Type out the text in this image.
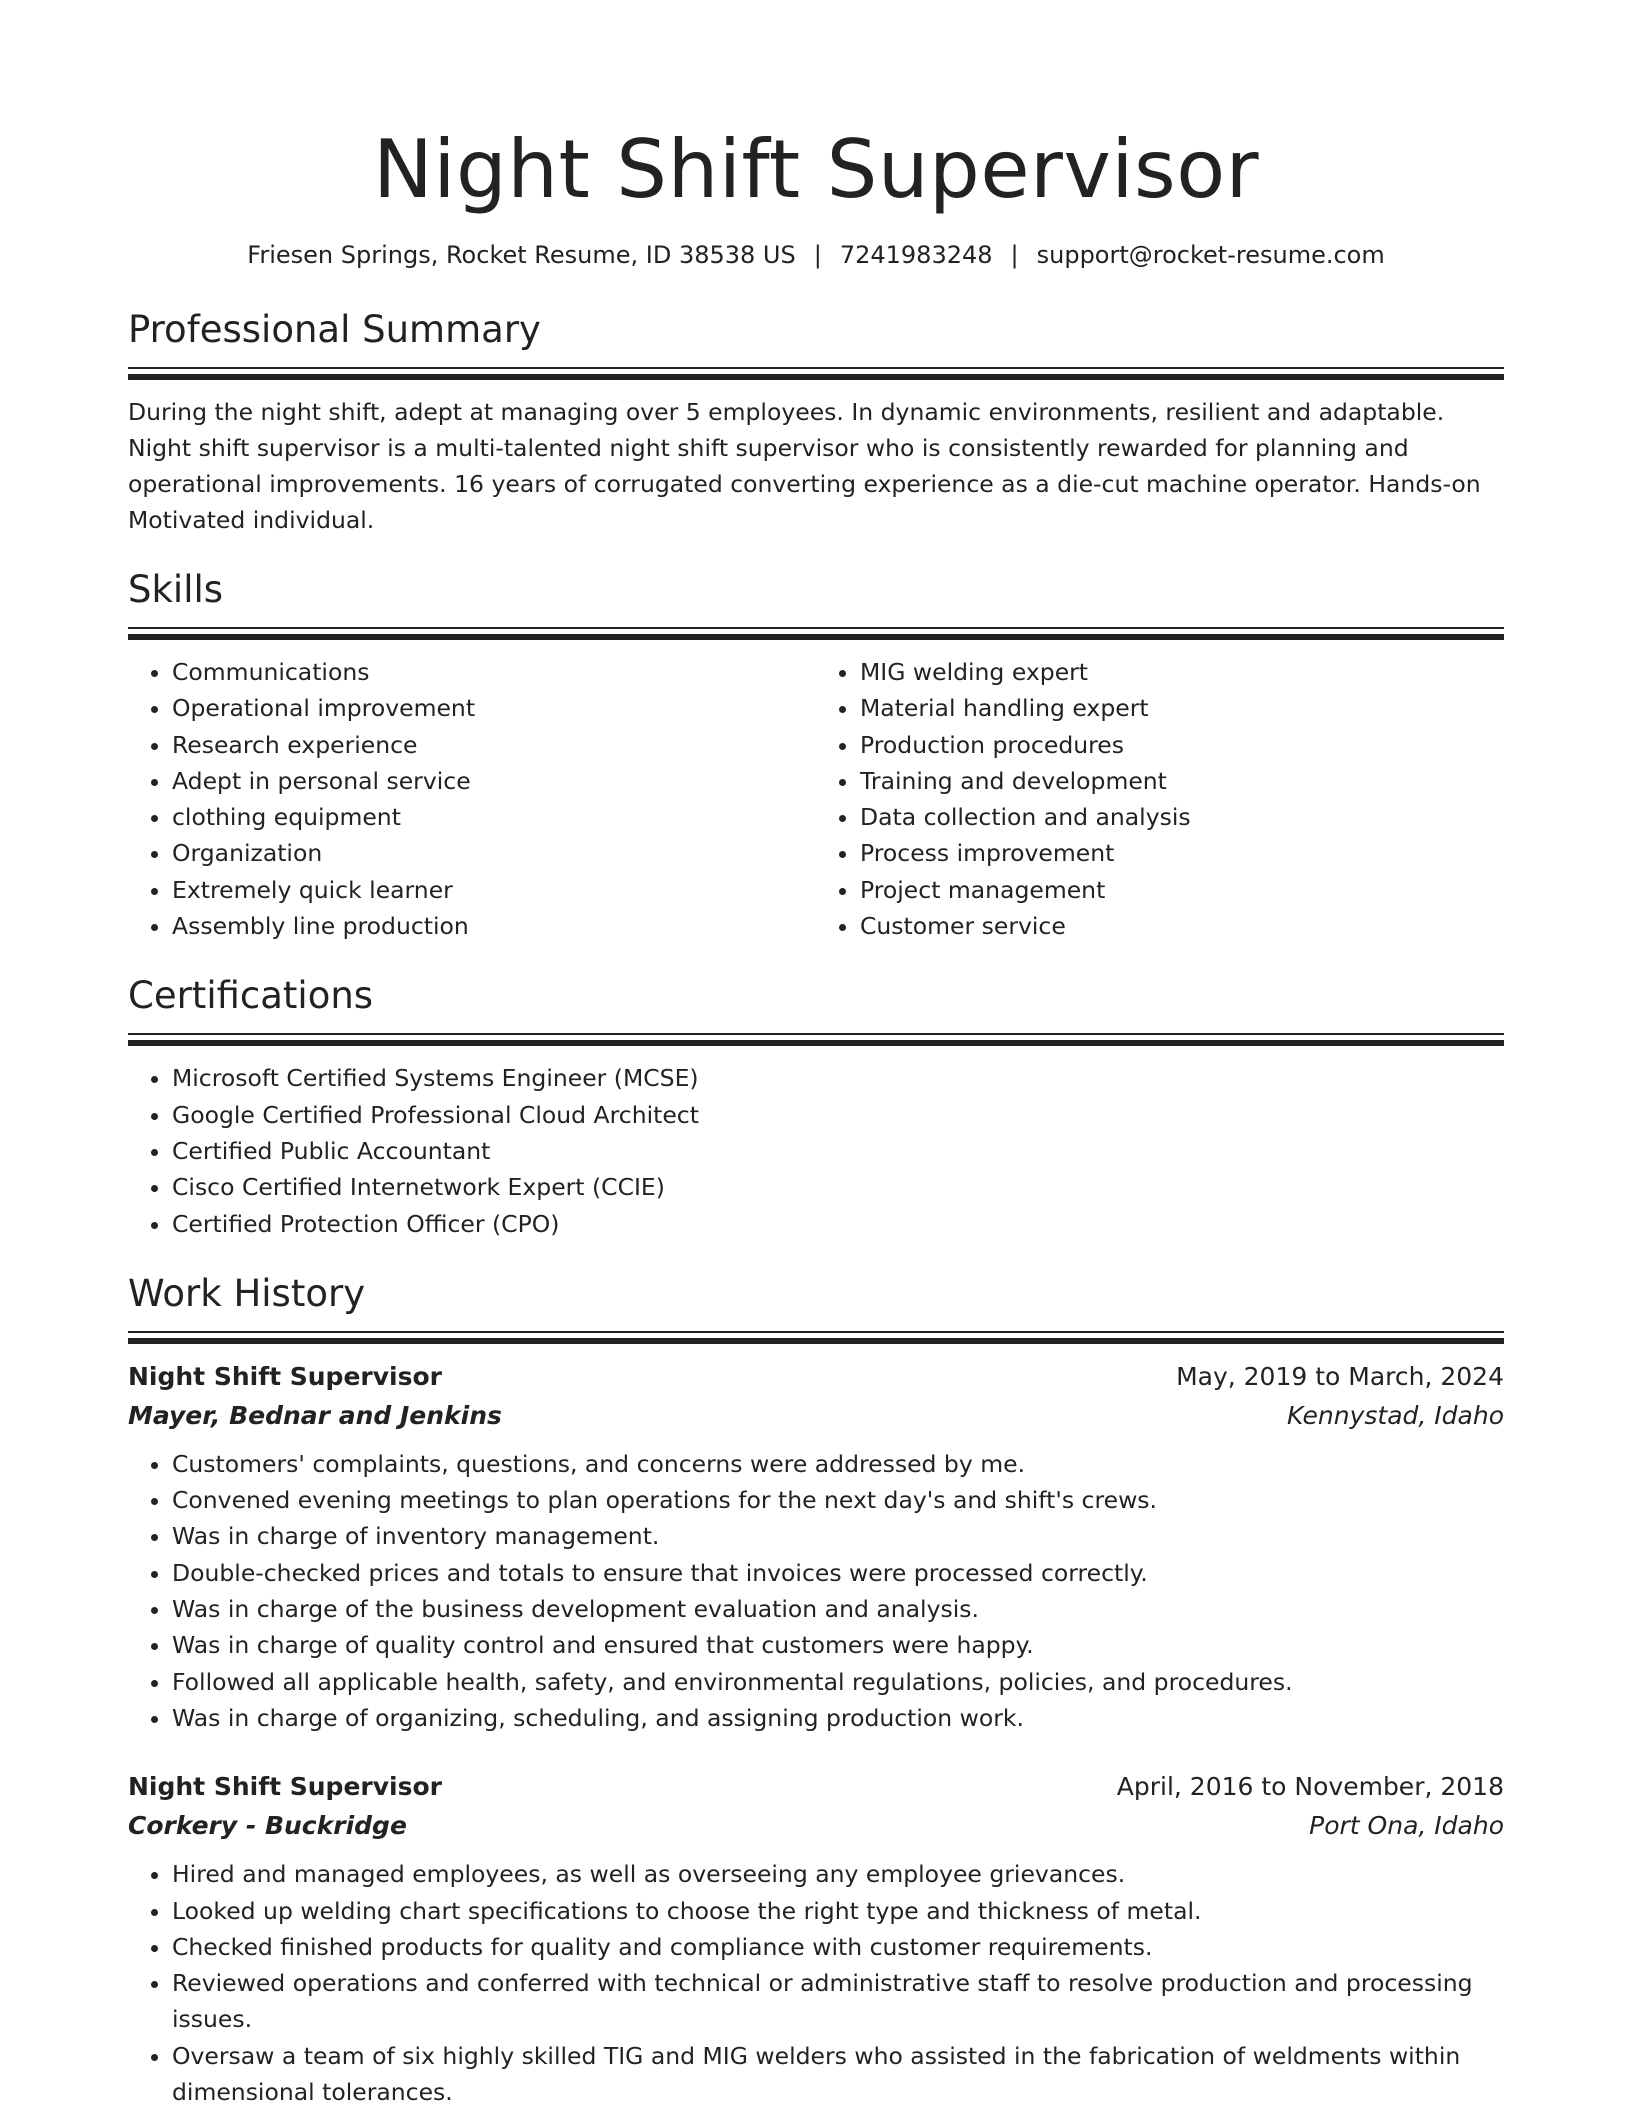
Night Shift Supervisor
Friesen Springs, Rocket Resume, ID 38538 US | 7241983248 | support@rocket-resume.com
Professional Summary

During the night shift, adept at managing over 5 employees. In dynamic environments, resilient and adaptable. Night shift supervisor is a multi-talented night shift supervisor who is consistently rewarded for planning and operational improvements. 16 years of corrugated converting experience as a die-cut machine operator. Hands-on Motivated individual.

Skills
• Communications
• Operational improvement
• Research experience
• Adept in personal service
• clothing equipment
• Organization
• Extremely quick learner
• Assembly line production
• MIG welding expert
• Material handling expert
• Production procedures
• Training and development
• Data collection and analysis
• Process improvement
• Project management
• Customer service
Certifications
• Microsoft Certified Systems Engineer (MCSE)
• Google Certified Professional Cloud Architect
• Certified Public Accountant
• Cisco Certified Internetwork Expert (CCIE)
• Certified Protection Officer (CPO)
Work History
Night Shift Supervisor	May, 2019 to March, 2024
Mayer, Bednar and Jenkins	Kennystad, Idaho
• Customers' complaints, questions, and concerns were addressed by me.
• Convened evening meetings to plan operations for the next day's and shift's crews.
• Was in charge of inventory management.
• Double-checked prices and totals to ensure that invoices were processed correctly.
• Was in charge of the business development evaluation and analysis.
• Was in charge of quality control and ensured that customers were happy.
• Followed all applicable health, safety, and environmental regulations, policies, and procedures.
• Was in charge of organizing, scheduling, and assigning production work.
Night Shift Supervisor	April, 2016 to November, 2018
Corkery - Buckridge	Port Ona, Idaho
• Hired and managed employees, as well as overseeing any employee grievances.
• Looked up welding chart specifications to choose the right type and thickness of metal.
• Checked finished products for quality and compliance with customer requirements.
• Reviewed operations and conferred with technical or administrative staff to resolve production and processing issues.
• Oversaw a team of six highly skilled TIG and MIG welders who assisted in the fabrication of weldments within dimensional tolerances.
